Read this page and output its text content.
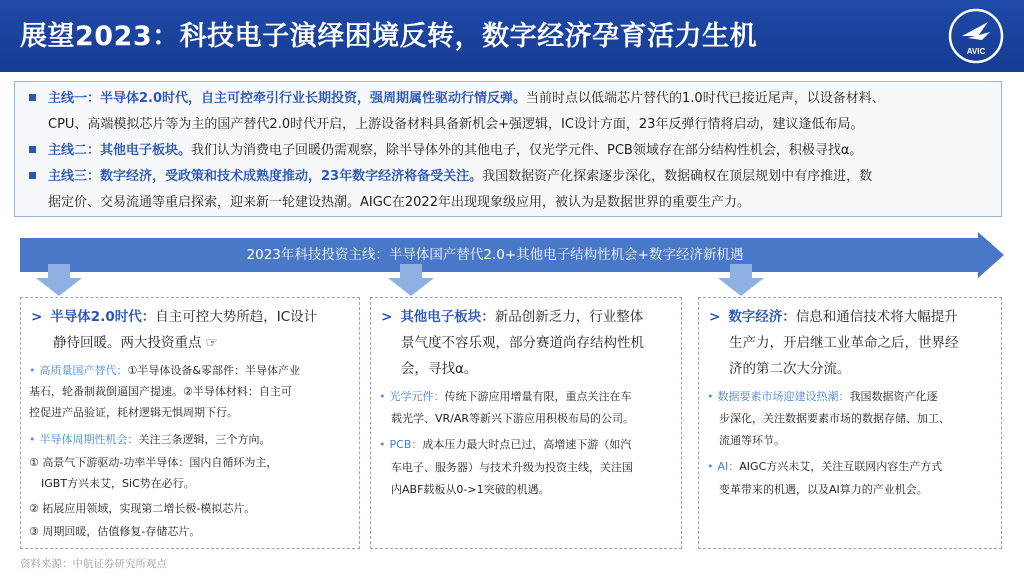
展望2023：科技电子演绎困境反转，数字经济孕育活力生机	AVIC
主线一：半导体2.0时代，自主可控牵引行业长期投资，强周期属性驱动行情反弹。当前时点以低端芯片替代的1.0时代已接近尾声，以设备材料、
CPU、高端模拟芯片等为主的国产替代2.0时代开启，上游设备材料具备新机会+强逻辑，IC设计方面，23年反弹行情将启动，建议逢低布局。
主线二：其他电子板块。我们认为消费电子回暖仍需观察，除半导体外的其他电子，仅光学元件、PCB领域存在部分结构性机会，积极寻找α。
主线三：数字经济，受政策和技术成熟度推动，23年数字经济将备受关注。我国数据资产化探索逐步深化，数据确权在顶层规划中有序推进，数
据定价、交易流通等重启探索，迎来新一轮建设热潮。AIGC在2022年出现现象级应用，被认为是数据世界的重要生产力。
2023年科技投资主线：半导体国产替代2.0+其他电子结构性机会+数字经济新机遇
> 半导体2.0时代：自主可控大势所趋，IC设计
静待回暖。两大投资重点 ☞
• 高质量国产替代：①半导体设备&零部件：半导体产业
基石，轮番制裁倒逼国产提速。②半导体材料：自主可
控促进产品验证，耗材逻辑无惧周期下行。
• 半导体周期性机会：关注三条逻辑，三个方向。
① 高景气下游驱动-功率半导体：国内自循环为主，
IGBT方兴未艾，SiC势在必行。
② 拓展应用领域，实现第二增长极-模拟芯片。
③ 周期回暖，估值修复-存储芯片。
> 其他电子板块：新品创新乏力，行业整体
景气度不容乐观，部分赛道尚存结构性机
会，寻找α。
• 光学元件：传统下游应用增量有限，重点关注在车
载光学、VR/AR等新兴下游应用积极布局的公司。
• PCB：成本压力最大时点已过，高增速下游（如汽
车电子、服务器）与技术升级为投资主线，关注国
内ABF载板从0->1突破的机遇。
> 数字经济：信息和通信技术将大幅提升
生产力，开启继工业革命之后，世界经
济的第二次大分流。
• 数据要素市场迎建设热潮：我国数据资产化逐
步深化，关注数据要素市场的数据存储、加工、
流通等环节。
• AI：AIGC方兴未艾，关注互联网内容生产方式
变革带来的机遇，以及AI算力的产业机会。
资料来源：中航证券研究所观点
